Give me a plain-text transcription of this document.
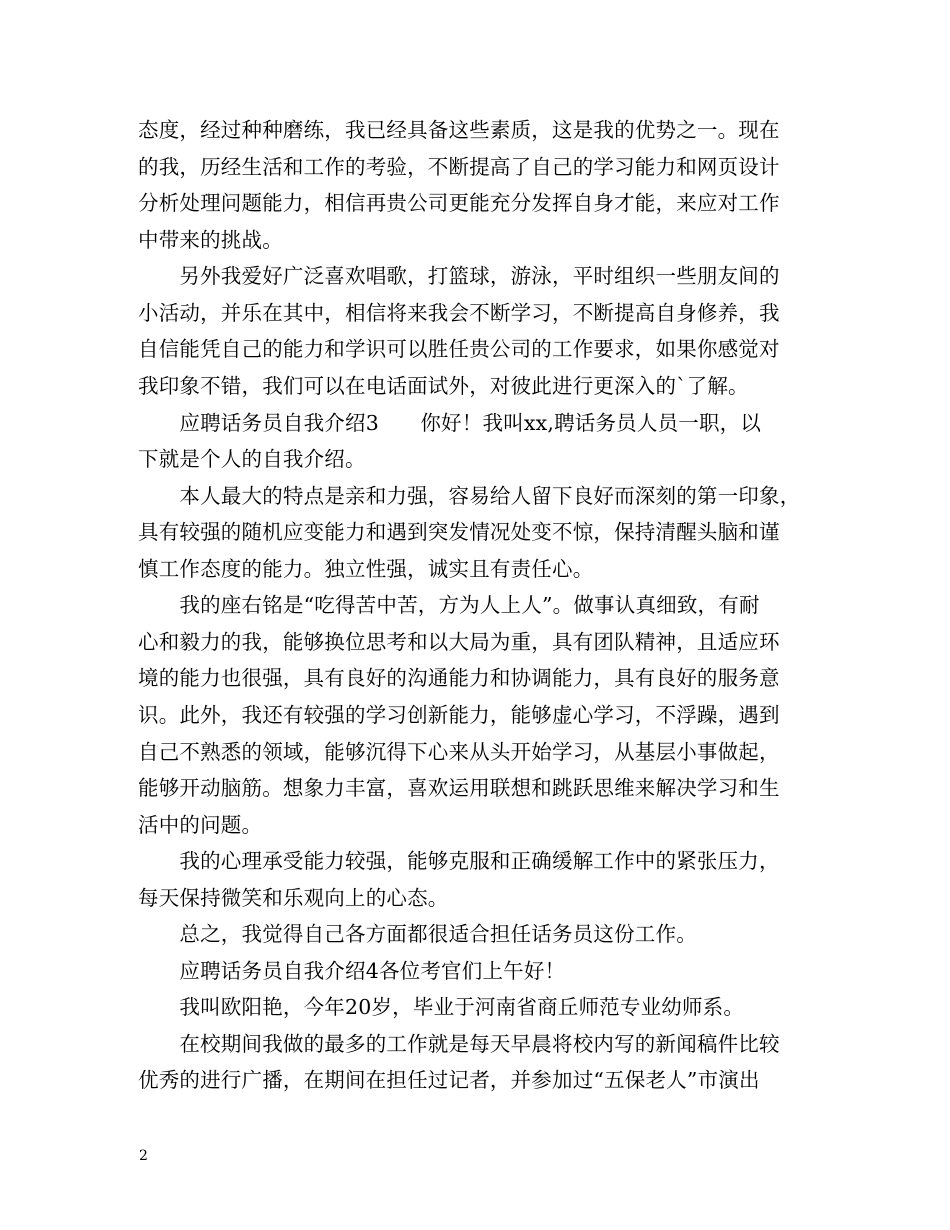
态度，经过种种磨练，我已经具备这些素质，这是我的优势之一。现在
的我，历经生活和工作的考验，不断提高了自己的学习能力和网页设计
分析处理问题能力，相信再贵公司更能充分发挥自身才能，来应对工作
中带来的挑战。
　　另外我爱好广泛喜欢唱歌，打篮球，游泳，平时组织一些朋友间的
小活动，并乐在其中，相信将来我会不断学习，不断提高自身修养，我
自信能凭自己的能力和学识可以胜任贵公司的工作要求，如果你感觉对
我印象不错，我们可以在电话面试外，对彼此进行更深入的`了解。
　　应聘话务员自我介绍3　　你好！我叫xx,聘话务员人员一职，以
下就是个人的自我介绍。
　　本人最大的特点是亲和力强，容易给人留下良好而深刻的第一印象，
具有较强的随机应变能力和遇到突发情况处变不惊，保持清醒头脑和谨
慎工作态度的能力。独立性强，诚实且有责任心。
　　我的座右铭是“吃得苦中苦，方为人上人”。做事认真细致，有耐
心和毅力的我，能够换位思考和以大局为重，具有团队精神，且适应环
境的能力也很强，具有良好的沟通能力和协调能力，具有良好的服务意
识。此外，我还有较强的学习创新能力，能够虚心学习，不浮躁，遇到
自己不熟悉的领域，能够沉得下心来从头开始学习，从基层小事做起，
能够开动脑筋。想象力丰富，喜欢运用联想和跳跃思维来解决学习和生
活中的问题。
　　我的心理承受能力较强，能够克服和正确缓解工作中的紧张压力，
每天保持微笑和乐观向上的心态。
　　总之，我觉得自己各方面都很适合担任话务员这份工作。
　　应聘话务员自我介绍4各位考官们上午好！
　　我叫欧阳艳，今年20岁，毕业于河南省商丘师范专业幼师系。
　　在校期间我做的最多的工作就是每天早晨将校内写的新闻稿件比较
优秀的进行广播，在期间在担任过记者，并参加过“五保老人”市演出
2
